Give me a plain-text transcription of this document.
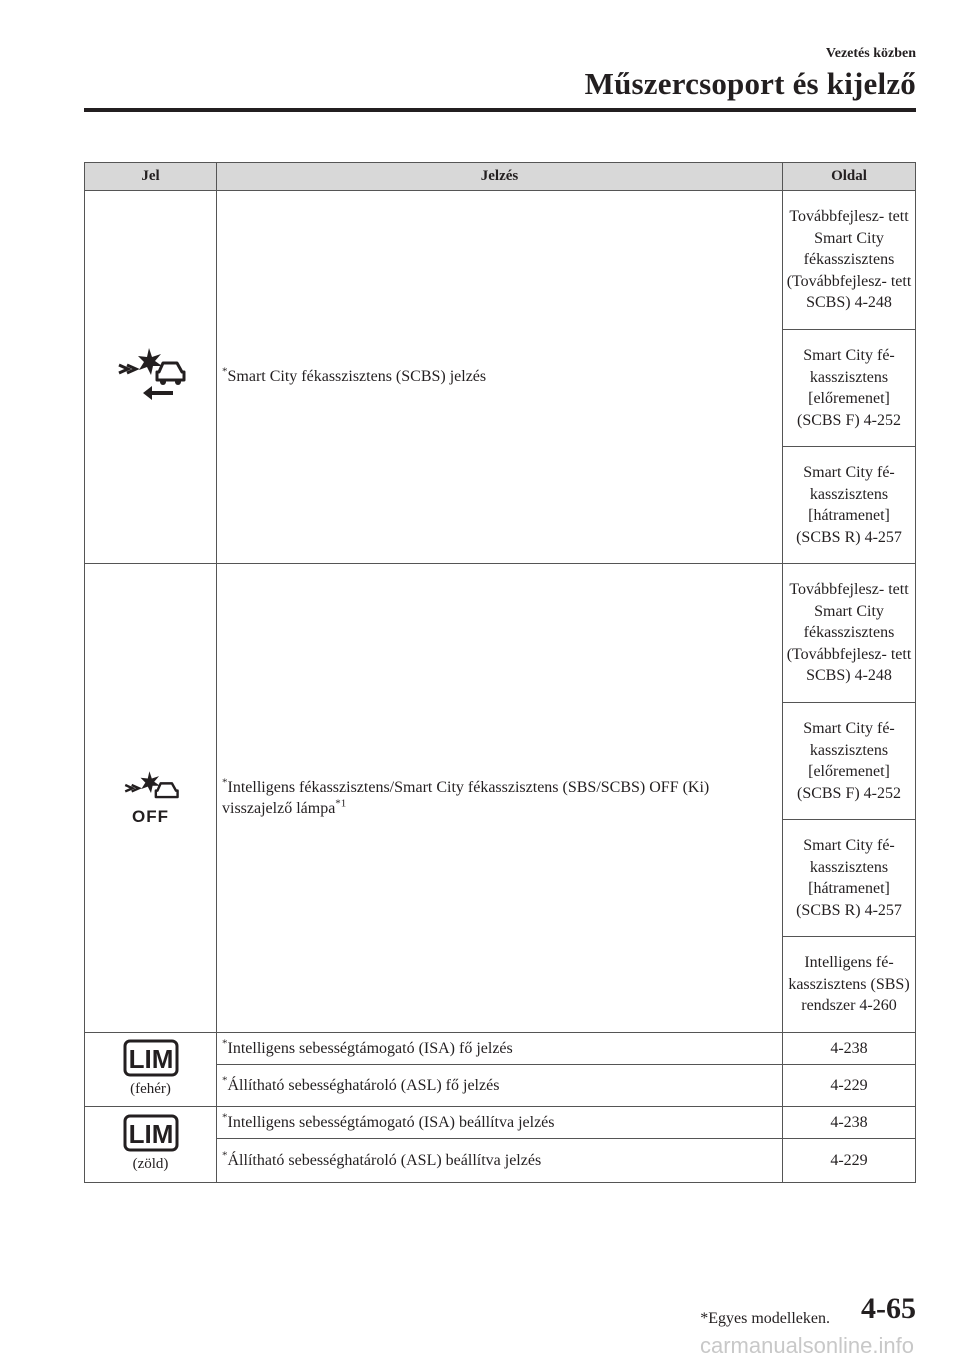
Vezetés közben
Műszercsoport és kijelző
Jel	Jelzés	Oldal
	*Smart City fékasszisztens (SCBS) jelzés	Továbbfejlesz- tett Smart City fékasszisztens (Továbbfejlesz- tett SCBS) 4-248
		Smart City fé- kasszisztens [előremenet] (SCBS F) 4-252
		Smart City fé- kasszisztens [hátramenet] (SCBS R) 4-257

OFF	*Intelligens fékasszisztens/Smart City fékasszisztens (SBS/SCBS) OFF (Ki) visszajelző lámpa$^{*1}$	Továbbfejlesz- tett Smart City fékasszisztens (Továbbfejlesz- tett SCBS) 4-248
		Smart City fé- kasszisztens [előremenet] (SCBS F) 4-252
		Smart City fé- kasszisztens [hátramenet] (SCBS R) 4-257
		Intelligens fé- kasszisztens (SBS) rendszer 4-260

LIM
(fehér)	*Intelligens sebességtámogató (ISA) fő jelzés	4-238
	*Állítható sebességhatároló (ASL) fő jelzés	4-229

LIM
(zöld)	*Intelligens sebességtámogató (ISA) beállítva jelzés	4-238
	*Állítható sebességhatároló (ASL) beállítva jelzés	4-229
*Egyes modelleken. 4-65
carmanualsonline.info
